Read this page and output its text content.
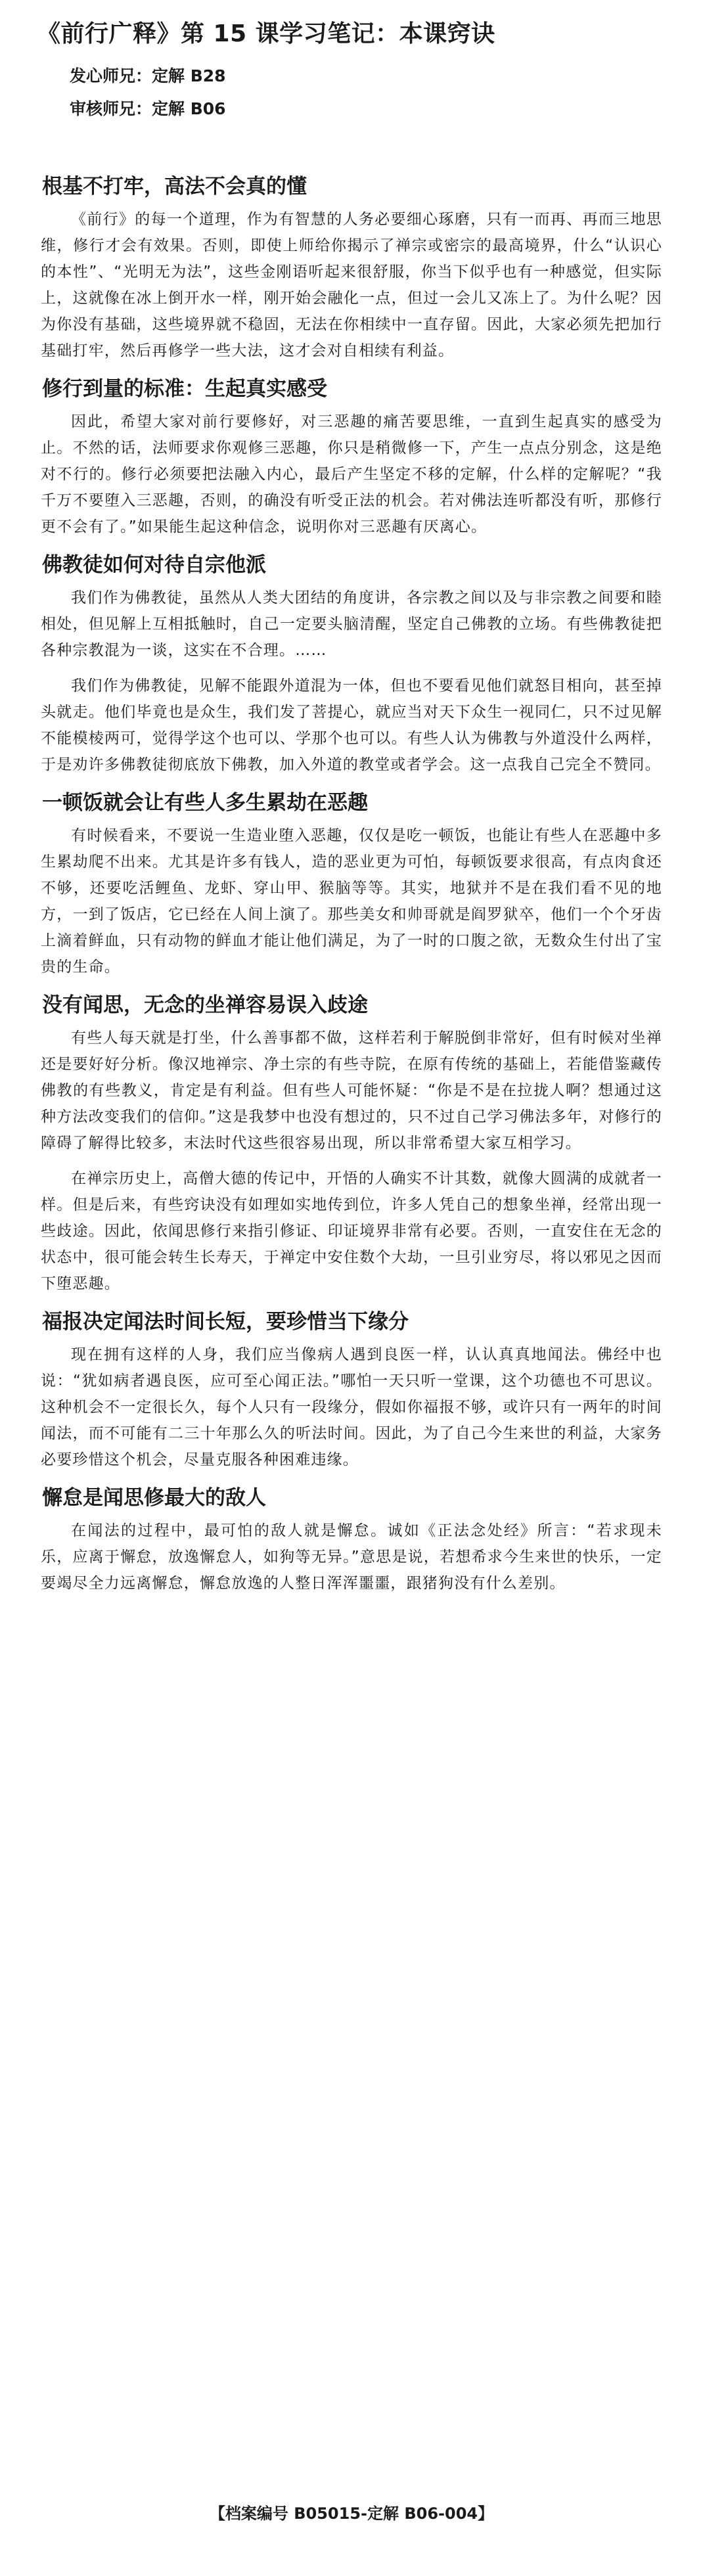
《前行广释》第 15 课学习笔记：本课窍诀
发心师兄：定解 B28
审核师兄：定解 B06
根基不打牢，高法不会真的懂

《前行》的每一个道理，作为有智慧的人务必要细心琢磨，只有一而再、再而三地思维，修行才会有效果。否则，即使上师给你揭示了禅宗或密宗的最高境界，什么“认识心的本性”、“光明无为法”，这些金刚语听起来很舒服，你当下似乎也有一种感觉，但实际上，这就像在冰上倒开水一样，刚开始会融化一点，但过一会儿又冻上了。为什么呢？因为你没有基础，这些境界就不稳固，无法在你相续中一直存留。因此，大家必须先把加行基础打牢，然后再修学一些大法，这才会对自相续有利益。

修行到量的标准：生起真实感受

因此，希望大家对前行要修好，对三恶趣的痛苦要思维，一直到生起真实的感受为止。不然的话，法师要求你观修三恶趣，你只是稍微修一下，产生一点点分别念，这是绝对不行的。修行必须要把法融入内心，最后产生坚定不移的定解，什么样的定解呢？“我千万不要堕入三恶趣，否则，的确没有听受正法的机会。若对佛法连听都没有听，那修行更不会有了。”如果能生起这种信念，说明你对三恶趣有厌离心。

佛教徒如何对待自宗他派

我们作为佛教徒，虽然从人类大团结的角度讲，各宗教之间以及与非宗教之间要和睦相处，但见解上互相抵触时，自己一定要头脑清醒，坚定自己佛教的立场。有些佛教徒把各种宗教混为一谈，这实在不合理。……

我们作为佛教徒，见解不能跟外道混为一体，但也不要看见他们就怒目相向，甚至掉头就走。他们毕竟也是众生，我们发了菩提心，就应当对天下众生一视同仁，只不过见解不能模棱两可，觉得学这个也可以、学那个也可以。有些人认为佛教与外道没什么两样，于是劝许多佛教徒彻底放下佛教，加入外道的教堂或者学会。这一点我自己完全不赞同。

一顿饭就会让有些人多生累劫在恶趣

有时候看来，不要说一生造业堕入恶趣，仅仅是吃一顿饭，也能让有些人在恶趣中多生累劫爬不出来。尤其是许多有钱人，造的恶业更为可怕，每顿饭要求很高，有点肉食还不够，还要吃活鲤鱼、龙虾、穿山甲、猴脑等等。其实，地狱并不是在我们看不见的地方，一到了饭店，它已经在人间上演了。那些美女和帅哥就是阎罗狱卒，他们一个个牙齿上滴着鲜血，只有动物的鲜血才能让他们满足，为了一时的口腹之欲，无数众生付出了宝贵的生命。

没有闻思，无念的坐禅容易误入歧途

有些人每天就是打坐，什么善事都不做，这样若利于解脱倒非常好，但有时候对坐禅还是要好好分析。像汉地禅宗、净土宗的有些寺院，在原有传统的基础上，若能借鉴藏传佛教的有些教义，肯定是有利益。但有些人可能怀疑：“你是不是在拉拢人啊？想通过这种方法改变我们的信仰。”这是我梦中也没有想过的，只不过自己学习佛法多年，对修行的障碍了解得比较多，末法时代这些很容易出现，所以非常希望大家互相学习。

在禅宗历史上，高僧大德的传记中，开悟的人确实不计其数，就像大圆满的成就者一样。但是后来，有些窍诀没有如理如实地传到位，许多人凭自己的想象坐禅，经常出现一些歧途。因此，依闻思修行来指引修证、印证境界非常有必要。否则，一直安住在无念的状态中，很可能会转生长寿天，于禅定中安住数个大劫，一旦引业穷尽，将以邪见之因而下堕恶趣。

福报决定闻法时间长短，要珍惜当下缘分

现在拥有这样的人身，我们应当像病人遇到良医一样，认认真真地闻法。佛经中也说：“犹如病者遇良医，应可至心闻正法。”哪怕一天只听一堂课，这个功德也不可思议。这种机会不一定很长久，每个人只有一段缘分，假如你福报不够，或许只有一两年的时间闻法，而不可能有二三十年那么久的听法时间。因此，为了自己今生来世的利益，大家务必要珍惜这个机会，尽量克服各种困难违缘。

懈怠是闻思修最大的敌人

在闻法的过程中，最可怕的敌人就是懈怠。诚如《正法念处经》所言：“若求现未乐，应离于懈怠，放逸懈怠人，如狗等无异。”意思是说，若想希求今生来世的快乐，一定要竭尽全力远离懈怠，懈怠放逸的人整日浑浑噩噩，跟猪狗没有什么差别。

【档案编号 B05015-定解 B06-004】
